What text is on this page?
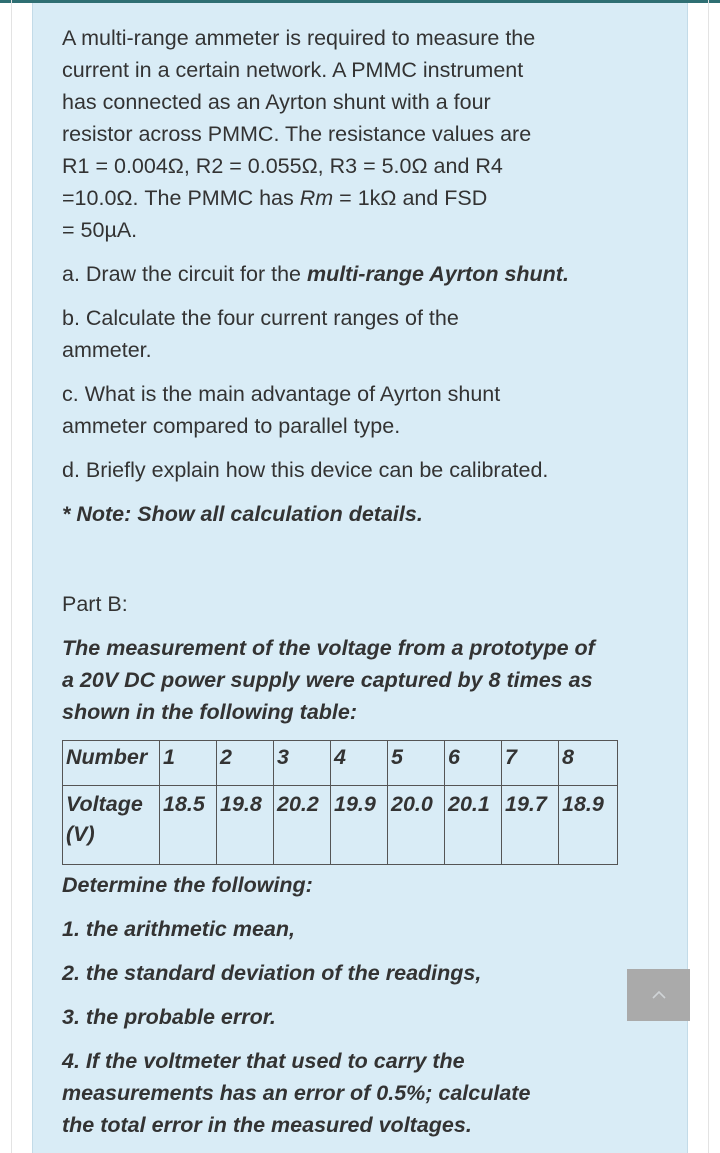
A multi-range ammeter is required to measure the
current in a certain network. A PMMC instrument
has connected as an Ayrton shunt with a four
resistor across PMMC. The resistance values are
R1 = 0.004Ω, R2 = 0.055Ω, R3 = 5.0Ω and R4
=10.0Ω. The PMMC has Rm = 1kΩ and FSD
= 50µA.

a. Draw the circuit for the multi-range Ayrton shunt.

b. Calculate the four current ranges of the
ammeter.

c. What is the main advantage of Ayrton shunt
ammeter compared to parallel type.

d. Briefly explain how this device can be calibrated.

* Note: Show all calculation details.

Part B:

The measurement of the voltage from a prototype of
a 20V DC power supply were captured by 8 times as
shown in the following table:

Number	1	2	3	4	5	6	7	8
Voltage
(V)	18.5	19.8	20.2	19.9	20.0	20.1	19.7	18.9

Determine the following:

1. the arithmetic mean,

2. the standard deviation of the readings,

3. the probable error.

4. If the voltmeter that used to carry the
measurements has an error of 0.5%; calculate
the total error in the measured voltages.
